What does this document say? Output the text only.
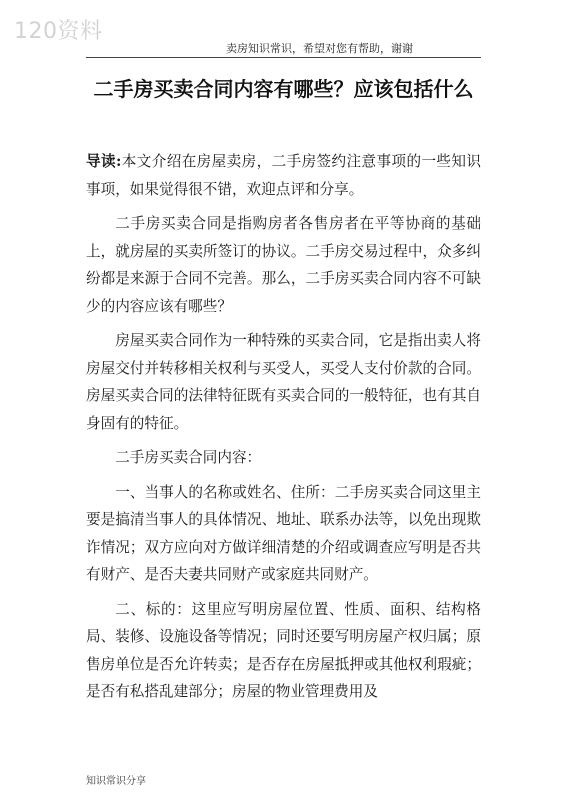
120资料
卖房知识常识，希望对您有帮助，谢谢
二手房买卖合同内容有哪些？应该包括什么

导读:本文介绍在房屋卖房，二手房签约注意事项的一些知识事项，如果觉得很不错，欢迎点评和分享。

二手房买卖合同是指购房者各售房者在平等协商的基础上，就房屋的买卖所签订的协议。二手房交易过程中，众多纠纷都是来源于合同不完善。那么，二手房买卖合同内容不可缺少的内容应该有哪些？

房屋买卖合同作为一种特殊的买卖合同，它是指出卖人将房屋交付并转移相关权利与买受人，买受人支付价款的合同。房屋买卖合同的法律特征既有买卖合同的一般特征，也有其自身固有的特征。

二手房买卖合同内容：

一、当事人的名称或姓名、住所：二手房买卖合同这里主要是搞清当事人的具体情况、地址、联系办法等，以免出现欺诈情况；双方应向对方做详细清楚的介绍或调查应写明是否共有财产、是否夫妻共同财产或家庭共同财产。

二、标的：这里应写明房屋位置、性质、面积、结构格局、装修、设施设备等情况；同时还要写明房屋产权归属；原售房单位是否允许转卖；是否存在房屋抵押或其他权利瑕疵；是否有私搭乱建部分；房屋的物业管理费用及

知识常识分享
